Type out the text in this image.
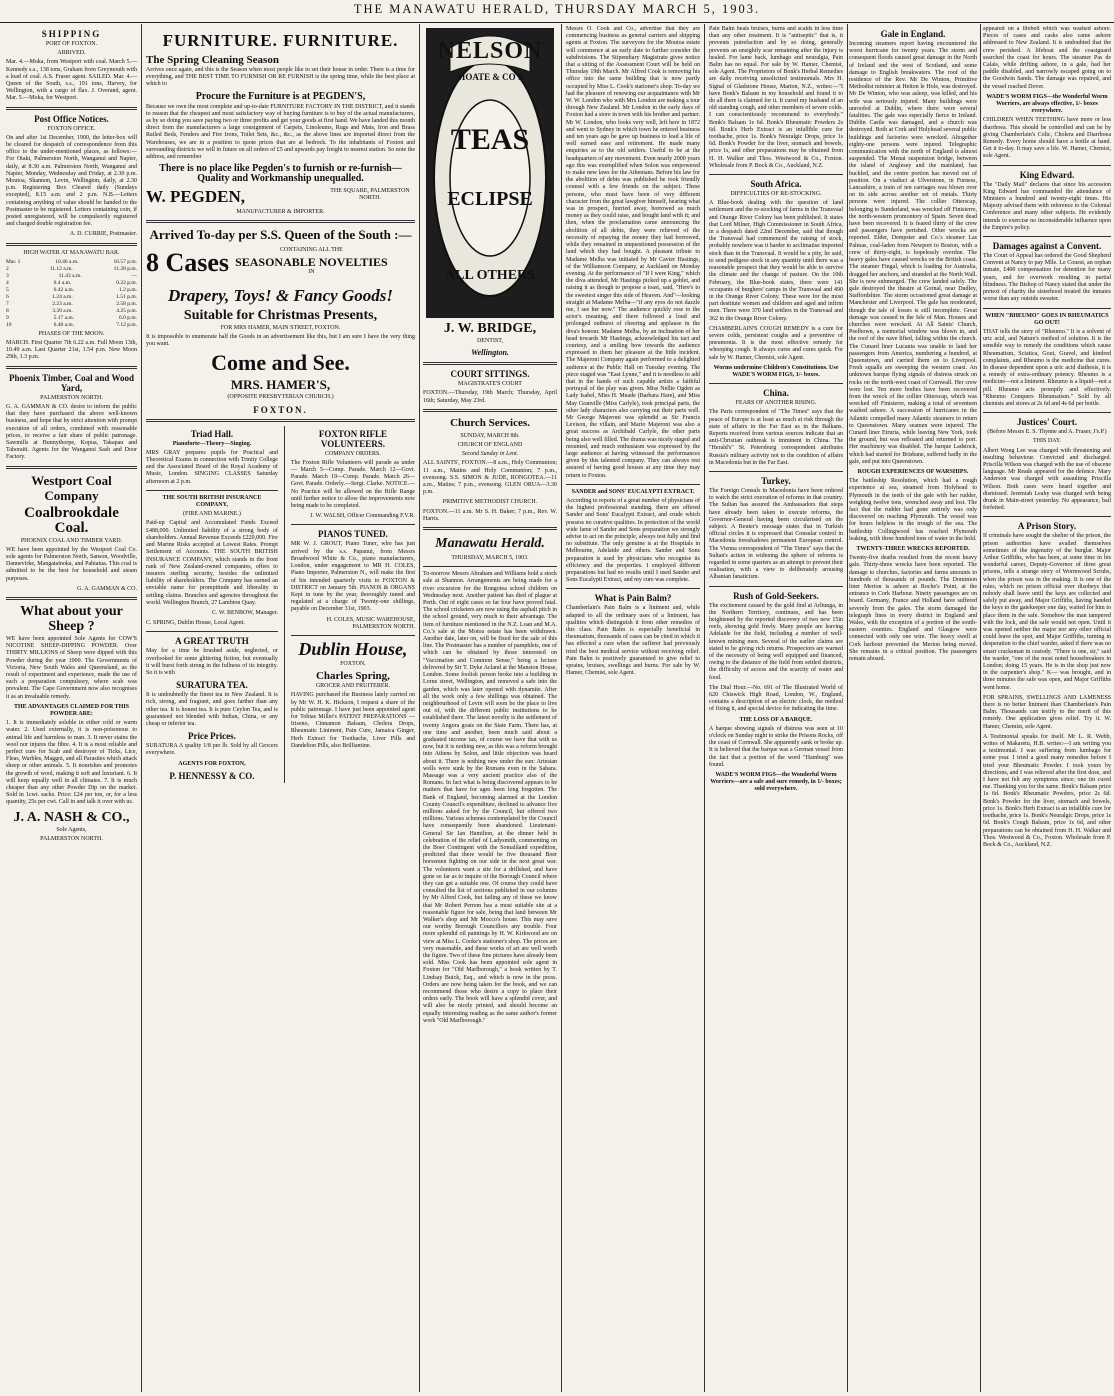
THE MANAWATU HERALD, THURSDAY MARCH 5, 1903.
SHIPPING
PORT OF FOXTON.
ARRIVED.

Mar. 4.—Moka, from Westport with coal. March 5.—Kennedy s.s., 138 tons, Graham from Greymouth with a load of coal. A.S. Fraser agent. SAILED. Mar. 4.—Queen of the South, s.s., 191 tons, Harvey, for Wellington, with a cargo of flax. J. Overand, agent. Mar. 5.—Moka, for Westport.

Post Office Notices.
FOXTON OFFICE.

On and after 1st December, 1900, the letter-box will be cleared for despatch of correspondence from this office to the under-mentioned places, as follows:— For Otaki, Palmerston North, Wanganui and Napier, daily, at 8.30 a.m. Palmerston North, Wanganui and Napier, Monday, Wednesday and Friday, at 2.30 p.m. Moutoa, Shannon, Levin, Wellington, daily, at 2.30 p.m. Registering Box Cleared daily (Sundays excepted), 8.15 a.m. and 2 p.m. N.B.—Letters containing anything of value should be handed to the Postmaster to be registered. Letters containing coin, if posted unregistered, will be compulsorily registered and charged double registration fee.

A. D. CURRIE, Postmaster.

HIGH WATER AT MANAWATU BAR.
Mar. 1	10.40 a.m.	10.57 p.m.
2	11.12 a.m.	11.28 p.m.
3	11.43 a.m.	—
4	0.4 a.m.	0.22 p.m.
5	0.42 a.m.	1.2 p.m.
6	1.24 a.m.	1.51 p.m.
7	2.23 a.m.	2.58 p.m.
8	3.39 a.m.	4.25 p.m.
9	5.17 a.m.	6.0 p.m.
10	6.40 a.m.	7.12 p.m.
PHASES OF THE MOON.

MARCH. First Quarter 7th 6.22 a.m. Full Moon 13th, 10.49 a.m. Last Quarter 21st, 1.54 p.m. New Moon 29th, 1.3 p.m.

Phoenix Timber, Coal and Wood Yard,
PALMERSTON NORTH.

G. A. GAMMAN & CO. desire to inform the public that they have purchased the above well-known business, and hope that by strict attention with prompt execution of all orders, combined with reasonable prices, to receive a fair share of public patronage. Sawmills at Bunnythorpe, Kopua, Takapau and Tahoraiti. Agents for the Wanganui Sash and Door Factory.

Westport Coal Company
Coalbrookdale Coal.
PHOENIX COAL AND TIMBER YARD.

WE have been appointed by the Westport Coal Co. sole agents for Palmerston North, Sanson, Woodville, Dannevirke, Mangatainoka, and Pahiatua. This coal is admitted to be the best for household and steam purposes.

G. A. GAMMAN & CO.

What about your Sheep ?

WE have been appointed Sole Agents for COW'S NICOTINE SHEEP-DIPPING POWDER. Over THIRTY MILLIONS of Sheep were dipped with this Powder during the year 1900. The Governments of Victoria, New South Wales and Queensland, as the result of experiment and experience, made the use of such a preparation compulsory, where scab was prevalent. The Cape Government now also recognises it as an invaluable remedy.

THE ADVANTAGES CLAIMED FOR THIS POWDER ARE:

1. It is immediately soluble in either cold or warm water. 2. Used externally, it is non-poisonous to animal life and harmless to man. 3. It never stains the wool nor injures the fibre. 4. It is a most reliable and perfect cure for Scab and destroyer of Ticks, Lice, Fleas, Warbles, Maggot, and all Parasites which attack sheep or other animals. 5. It nourishes and promotes the growth of wool, making it soft and luxuriant. 6. It will keep equally well in all climates. 7. It is much cheaper than any other Powder Dip on the market. Sold in 1cwt. sacks. Price: £24 per ton, or, for a less quantity, 25s per cwt. Call in and talk it over with us.

J. A. NASH & CO.,
Sole Agents,
PALMERSTON NORTH.
FURNITURE. FURNITURE.
The Spring Cleaning Season

Arrives once again, and this is the Season when most people like to set their house in order. There is a time for everything, and THE BEST TIME TO FURNISH OR RE FURNISH is the spring time, while the best place at which to

Procure the Furniture is at PEGDEN'S,

Because we own the most complete and up-to-date FURNITURE FACTORY IN THE DISTRICT, and it stands to reason that the cheapest and most satisfactory way of buying furniture is to buy of the actual manufacturers, as by so doing you save paying two or three profits and get your goods at first hand. We have landed this month direct from the manufacturers a large consignment of Carpets, Linoleums, Rugs and Mats, Iron and Brass Railed Beds, Fenders and Fire Irons, Toilet Sets, &c., &c., as the above lines are imported direct from the Warehouses, we are in a position to quote prices that are at bedrock. To the inhabitants of Foxton and surrounding districts we will in future on all orders of £5 and upwards pay freight to nearest station. So note the address, and remember

There is no place like Pegden's to furnish or re-furnish—Quality and Workmanship unequalled.
W. PEGDEN,	THE SQUARE, PALMERSTON NORTH.
MANUFACTURER & IMPORTER.
Arrived To-day per S.S. Queen of the South :—
8 Cases	CONTAINING ALL THE
SEASONABLE NOVELTIES
IN
Drapery, Toys! & Fancy Goods!
Suitable for Christmas Presents,
FOR MRS HAMER, MAIN STREET, FOXTON.

It is impossible to enumerate half the Goods in an advertisement like this, but I am sure I have the very thing you want.

Come and See.
MRS. HAMER'S,
(OPPOSITE PRESBYTERIAN CHURCH.)
FOXTON.
Triad Hall.
Pianoforte—Theory—Singing.

MRS GRAY prepares pupils for Practical and Theoretical Exams in connection with Trinity College and the Associated Board of the Royal Academy of Music, London. SINGING CLASSES Saturday afternoon at 2 p.m.

THE SOUTH BRITISH INSURANCE COMPANY,
(FIRE AND MARINE.)

Paid-up Capital and Accumulated Funds Exceed £488,000. Unlimited liability of a strong body of shareholders. Annual Revenue Exceeds £220,000. Fire and Marine Risks accepted at Lowest Rates. Prompt Settlement of Accounts. THE SOUTH BRITISH INSURANCE COMPANY, which stands in the front rank of New Zealand-owned companies, offers to insurers sterling security, besides the unlimited liability of shareholders. The Company has earned an enviable name for promptitude and liberality in settling claims. Branches and agencies throughout the world. Wellington Branch, 27 Lambton Quay.

C. W. BENBOW, Manager.

C. SPRING, Dublin House, Local Agent.

A GREAT TRUTH

May for a time be brushed aside, neglected, or overlooked for some glittering fiction, but eventually it will burst forth strong in the fullness of its integrity. So it is with

SURATURA TEA.

It is undoubtedly the finest tea in New Zealand. It is rich, strong, and fragrant, and goes farther than any other tea. It is honest tea. It is pure Ceylon Tea, and is guaranteed not blended with Indian, China, or any cheap or inferior tea.

Price Prices.

SURATURA A quality 1/8 per lb. Sold by all Grocers everywhere.

AGENTS FOR FOXTON,
P. HENNESSY & CO.
FOXTON RIFLE VOLUNTEERS.
COMPANY ORDERS.

The Foxton Rifle Volunteers will parade as under— March 5—Comp. Parade. March 12—Govt. Parade. March 19—Comp. Parade. March 26—Govt. Parade. Orderly.—Sergt. Clarke. NOTICE.—No Practice will be allowed on the Rifle Range until further notice to allow the improvements now being made to be completed.

J. W. WALSH, Officer Commanding F.V.R.

PIANOS TUNED.

MR W. J. GROUT, Piano Tuner, who has just arrived by the s.s. Papanui, from Messrs Broadwood White & Co., piano manufacturers, London, under engagement to MR H. COLES, Piano Importer, Palmerston N., will make the first of his intended quarterly visits to FOXTON & DISTRICT on January 5th. PIANOS & ORGANS Kept in tune by the year, thoroughly tuned and regulated at a charge of Twenty-one shillings, payable on December 31st, 1903.

H. COLES, MUSIC WAREHOUSE, PALMERSTON NORTH.

Dublin House,
FOXTON.
Charles Spring,
GROCER AND FRUITERER.

HAVING purchased the Business lately carried on by Mr W. H. K. Hickson, I request a share of the public patronage. I have just been appointed agent for Tobias Miller's PATENT PREPARATIONS — Iriseno, Cinnamon Balsam, Cholera Drops, Rheumatic Liniment, Pain Cure, Jamaica Ginger, Herb Extract for Toothache, Liver Pills and Dandelion Pills, also Brilliantine.

NELSON
MOATE & CO'S
TEAS
ECLIPSE
ALL OTHERS
J. W. BRIDGE,
DENTIST,
Wellington.
COURT SITTINGS.
MAGISTRATE'S COURT

FOXTON.—Thursday, 19th March; Thursday, April 16th; Saturday, May 23rd.

Church Services.
SUNDAY, MARCH 8th.
CHURCH OF ENGLAND
Second Sunday in Lent.

ALL SAINTS', FOXTON.—8 a.m., Holy Communion; 11 a.m., Matins and Holy Communion; 7 p.m., evensong. S.S. SIMON & JUDE, RONGOTEA.—11 a.m., Matins; 7 p.m., evensong. GLEN ORUA—3.30 p.m.

PRIMITIVE METHODIST CHURCH.

FOXTON.—11 a.m. Mr S. H. Baker; 7 p.m., Rev. W. Harris.

Manawatu Herald.
THURSDAY, MARCH 5, 1903.

To-morrow Messrs Abraham and Williams hold a stock sale at Shannon. Arrangements are being made for a river excursion for the Rongotea school children on Wednesday next. Another patient has died of plague at Perth. Out of eight cases so far four have proved fatal. The school cricketers are now using the asphalt pitch in the school ground, very much to their advantage. The item of furniture mentioned in the N.Z. Loan and M.A. Co.'s sale at the Motoa estate has been withdrawn. Another date, later on, will be fixed for the sale of this line. The Postmaster has a number of pamphlets, one of which can be obtained by those interested on "Vaccination and Common Sense," being a lecture delivered by Sir T. Dyke Acland at the Mansion House, London. Some foolish person broke into a building in Lorne street, Wellington, and removed a safe into the garden, which was later opened with dynamite. After all the work only a few shillings was obtained. The neighbourhood of Levin will soon be the place to live out of, with the different public institutions to be established there. The latest novelty is the settlement of twenty Angora goats on the State Farm. There has, at one time and another, been much said about a graduated income tax, of course we have that with us now, but it is nothing new, as this was a reform brought into Athens by Solon, and little objection was heard about it. There is nothing new under the sun: Artesian wells were sunk by the Romans even in the Sahara. Massage was a very ancient practice also of the Romans. In fact what is being discovered appears to be matters that have for ages been long forgotten. The Bank of England, becoming alarmed at the London County Council's expenditure, declined to advance five millions asked for by the Council, but offered two millions. Various schemes contemplated by the Council have consequently been abandoned. Lieutenant-General Sir Ian Hamilton, at the dinner held in celebration of the relief of Ladysmith, commenting on the Boer Contingent with the Somaliland expedition, predicted that there would be five thousand Boer horsemen fighting on our side in the next great war. The volunteers want a site for a drillshed, and have gone so far as to inquire of the Borough Council where they can get a suitable one. Of course they could have consulted the list of sections published in our columns by Mr Alfred Cook, but failing any of these we know that Mr Robert Perrem has a most suitable site at a reasonable figure for sale, being that land between Mr Walker's shop and Mr Mocco's house. This may save our worthy Borough Councillors any trouble. Four more splendid oil paintings by H. W. Kirkwood are on view at Miss L. Cooke's stationer's shop. The prices are very reasonable, and these works of art are well worth the figure. Two of these fine pictures have already been sold. Miss Cook has been appointed sole agent in Foxton for "Old Marlborough," a book written by T. Lindsay Buick, Esq., and which is now in the press. Orders are now being taken for the book, and we can recommend those who desire a copy to place their orders early. The book will have a splendid cover, and will also be nicely printed, and should become an equally interesting reading as the same author's former work "Old Marlborough."

Messrs O. Cook and Co., advertise that they are commencing business as general carriers and shipping agents at Foxton. The surveyors for the Moutoa estate will commence at an early date to further consider the subdivisions. The Stipendiary Magistrate gives notice that a sitting of the Assessment Court will be held on Thursday 19th March. Mr Alfred Cook is removing his office into the same building that is now partly occupied by Miss L. Cook's stationer's shop. To-day we had the pleasure of renewing our acquaintance with Mr W. W. London who with Mrs London are making a tour through New Zealand. Mr London in the early days of Foxton had a store in town with his brother and partner. Mr W. London, who looks very well, left here in 1872 and went to Sydney in which town he entered business and ten years ago he gave up business to lead a life of well earned ease and retirement. He made many enquiries as to the old settlers. Useful to be at the headquarters of any movement. Even nearly 2000 years ago this was exemplified when Solon was empowered to make new laws for the Athenians. Before his law for the abolition of debts was published he took friendly counsel with a few friends on the subject. These persons, who must have been of very different character from the great lawgiver himself, hearing what was in prospect, hurried away, borrowed as much money as they could raise, and bought land with it; and then, when the proclamation came announcing the abolition of all debts, they were relieved of the necessity of repaying the money they had borrowed, while they remained in unquestioned possession of the land which they had bought. A pleasant tribute to Madame Melba was initiated by Mr Cavier Hastings, of the Williamson Company, at Auckland on Monday evening. At the performance of "If I were King," which the diva attended, Mr Hastings picked up a goblet, and raising it as though to propose a toast, said, "Here's to the sweetest singer this side of Heaven. And"—looking straight at Madame Melba—"if any eyes do not dazzle me, I see her now." The audience quickly rose to the actor's meaning, and there followed a loud and prolonged outburst of cheering and applause in the diva's honour. Madame Melba, by an inclination of her head towards Mr Hastings, acknowledged his tact and courtesy, and a smiling bow towards the audience expressed to them her pleasure at the little incident. The Majeroni Company again performed to a delighted audience at the Public Hall on Tuesday evening. The piece staged was "East Lynne," and it is needless to add that in the hands of such capable artists a faithful portrayal of the play was given. Miss Nellie Ogden as Lady Isabel, Miss H. Meade (Barbara Hare), and Miss May Granville (Miss Carlyle), took principal parts, the other lady characters also carrying out their parts well. Mr George Majeroni was splendid as Sir Francis Levison, the villain, and Mario Majeroni was also a great success as Archibald Carlyle, the other parts being also well filled. The drama was nicely staged and mounted, and much enthusiasm was expressed by the large audience at having witnessed the performances given by this talented company. They can always rest assured of having good houses at any time they may return to Foxton.

SANDER and SONS' EUCALYPTI EXTRACT.

According to reports of a great number of physicians of the highest professional standing, there are offered Sander and Sons' Eucalypti Extract, and crude which possess no curative qualities. In protection of the world wide fame of Sander and Sons preparation we strongly advise to act on the principle, always test fully and find no substitute. The only genuine is at the Hospitals in Melbourne, Adelaide and others. Sander and Sons preparation is used by physicians who recognise its efficiency and the properties. I employed different preparations but had no results until I used Sander and Sons Eucalypti Extract, and my cure was complete.

What is Pain Balm?

Chamberlain's Pain Balm is a liniment and, while adapted to all the ordinary uses of a liniment, has qualities which distinguish it from other remedies of this class. Pain Balm is especially beneficial in rheumatism, thousands of cases can be cited in which it has effected a cure when the sufferer had previously tried the best medical service without receiving relief. Pain Balm is positively guaranteed to give relief to sprains, bruises, swellings and burns. For sale by W. Hamer, Chemist, sole Agent.

Pain Balm heals bruises, burns and scalds in less time than any other treatment. It is "antiseptic" that is, it prevents putrefaction and by so doing, generally prevents an unsightly scar remaining after the injury is healed. For lame back, lumbago and neuralgia, Pain Balm has no equal. For sale by W. Hamer, Chemist, sole Agent. The Proprietors of Bonk's Herbal Remedies are daily receiving unsolicited testimonials. Mrs H. Signal of Gladstone House, Marton, N.Z., writes:—"I have Bonk's Balsam in my household and found it to do all there is claimed for it. It cured my husband of an old standing cough, and other members of severe colds. I can conscientiously recommend to everybody." Bonk's Balsam 1s 6d. Bonk's Rheumatic Powders 2s 6d. Bonk's Herb Extract is an infallible cure for toothache, price 1s. Bonk's Neuralgic Drops, price 1s 6d. Bonk's Powder for the liver, stomach and bowels, price 1s, and other preparations may be obtained from H. H. Walker and Thos. Westwood & Co., Foxton. Wholesale from P. Bock & Co., Auckland, N.Z.

South Africa.
DIFFICULTIES OF RE-STOCKING.

A Blue-book dealing with the question of land settlement and the re-stocking of farms in the Transvaal and Orange River Colony has been published. It states that Lord Milner, High Commissioner in South Africa, in a despatch dated 22nd December, said that though the Transvaal had commenced the raising of stock, probably nowhere was it harder to acclimatise imported stock than in the Transvaal. It would be a pity, he said, to send pedigree stock in any quantity until there was a reasonable prospect that they would be able to survive the climate and the change of pasture. On the 10th February, the Blue-book states, there were 141 occupants of burghers' camps in the Transvaal and 490 in the Orange River Colony. These were for the most part destitute women and children and aged and infirm men. There were 370 land settlers in the Transvaal and 362 in the Orange River Colony.

CHAMBERLAIN'S COUGH REMEDY is a cure for severe colds, persistent coughs and a preventive of pneumonia. It is the most effective remedy for whooping cough. It always cures and cures quick. For sale by W. Hamer, Chemist, sole Agent.

Worms undermine Children's Constitutions. Use WADE'S WORM FIGS, 1/- boxes.
China.
FEARS OF ANOTHER RISING.

The Paris correspondent of "The Times" says that the peace of Europe is at least as much at risk through the state of affairs in the Far East as in the Balkans. Reports received from various sources indicate that an anti-Christian outbreak is imminent in China. The "Herald's" St. Petersburg correspondent attributes Russia's military activity not to the condition of affairs in Macedonia but in the Far East.

Turkey.

The Foreign Consuls in Macedonia have been ordered to watch the strict execution of reforms in that country. The Sultan has assured the Ambassadors that steps have already been taken to execute reforms, the Governor-General having been circularised on the subject. A Reuter's message states that in Turkish official circles it is expressed that Consular control in Macedonia foreshadows permanent European control. The Vienna correspondent of "The Times" says that the Sultan's action in widening the sphere of reforms is regarded in some quarters as an attempt to prevent their realisation, with a view to deliberately arousing Albanian fanaticism.

Rush of Gold-Seekers.

The excitement caused by the gold find at Arltunga, in the Northern Territory, continues, and has been heightened by the reported discovery of two new 15in reefs, showing gold freely. Many people are leaving Adelaide for the field, including a number of well-known mining men. Several of the earlier claims are stated to be giving rich returns. Prospectors are warned of the necessity of being well equipped and financed, owing to the distance of the field from settled districts, the difficulty of access and the scarcity of water and food.

The Dial Hour.—No. 691 of The Illustrated World of 620 Chiswick High Road, London, W., England, contains a description of an electric clock, the method of fixing it, and special device for indicating the time.

THE LOSS OF A BARQUE.

A barque showing signals of distress was seen at 10 o'clock on Sunday night to strike the Prisons Rocks, off the coast of Cornwall. She apparently sank or broke up. It is believed that the barque was a German vessel from the fact that a portion of the word "Hamburg" was found.

WADE'S WORM FIGS—the Wonderful Worm Worriers—are a safe and sure remedy, in 1/- boxes; sold everywhere.
Gale in England.

Incoming steamers report having encountered the worst hurricane for twenty years. The storm and consequent floods caused great damage in the North of Ireland and the west of Scotland, and some damage to English breakwaters. The roof of the residence of the Rev. Mr De Winton, Primitive Methodist minister at Hetton le Hole, was destroyed. Mr De Winton, who was asleep, was killed, and his wife was seriously injured. Many buildings were unroofed at Dublin, where there were several fatalities. The gale was especially fierce in Ireland. Dublin Castle was damaged, and a church was destroyed. Both at Cork and Holyhead several public buildings and factories were wrecked. Altogether eighty-one persons were injured. Telegraphic communication with the north of England is almost suspended. The Menai suspension bridge, between the island of Anglesey and the mainland, has buckled, and the centre portion has moved out of position. On a viaduct at Ulverstone, in Furness, Lancashire, a train of ten carriages was blown over on its side across another set of metals. Thirty persons were injured. The collier Otterscap, belonging to Sunderland, was wrecked off Finisterre, the north-western promontory of Spain. Seven dead have been recovered. It is feared thirty of the crew and passengers have perished. Other wrecks are reported. Elder, Dempster and Co.'s steamer Las Palmas, coal-laden from Newport to Boston, with a crew of thirty-eight, is hopelessly overdue. The heavy gales have caused wrecks on the British coast. The steamer Fingal, which is loading for Australia, dragged her anchors, and stranded at the North Wall. She is now submerged. The crew landed safely. The gale destroyed the theatre at Gornal, near Dudley, Staffordshire. The storm occasioned great damage at Manchester and Liverpool. The gale has moderated, though the tale of losses is still incomplete. Great damage was caused in the Isle of Man. Houses and churches were wrecked. At All Saints' Church, Peelbown, a memorial window was blown in, and the roof of the nave lifted, falling within the church. The Cunard liner Lucania was unable to land her passengers from America, numbering a hundred, at Queenstown, and carried them on to Liverpool. Fresh squalls are sweeping the western coast. An unknown barque flying signals of distress struck on rocks on the north-west coast of Cornwall. Her crew were lost. Ten more bodies have been recovered from the wreck of the collier Otterscap, which was wrecked off Finisterre, making a total of seventeen washed ashore. A succession of hurricanes in the Atlantic compelled many Atlantic steamers to return to Queenstown. Many seamen were injured. The Cunard liner Etruria, while leaving New York, took the ground, but was refloated and returned to port. Her machinery was disabled. The barque Ladstock, which had started for Brisbane, suffered badly in the gale, and put into Queenstown.

ROUGH EXPERIENCES OF WARSHIPS.

The battleship Resolution, which had a rough experience at sea, steamed from Holyhead to Plymouth in the teeth of the gale with her rudder, weighing twelve tons, wrenched away and lost. The fact that the rudder had gone entirely was only discovered on reaching Plymouth. The vessel was for hours helpless in the trough of the sea. The battleship Collingwood has reached Plymouth leaking, with three hundred tons of water in the hold.

TWENTY-THREE WRECKS REPORTED.

Twenty-five deaths resulted from the recent heavy gale. Thirty-three wrecks have been reported. The damage to churches, factories and farms amounts to hundreds of thousands of pounds. The Dominion liner Merion is ashore at Roche's Point, at the entrance to Cork Harbour. Ninety passengers are on board. Germany, France and Holland have suffered severely from the gales. The storm damaged the telegraph lines in every district in England and Wales, with the exception of a portion of the south-eastern counties. England and Glasgow were connected with only one wire. The heavy swell at Cork harbour prevented the Merion being moved. She remains in a critical position. The passengers remain aboard.

appeared on a lifebelt which was washed ashore. Pieces of cases and casks also came ashore addressed to New Zealand. It is undoubted that the crew perished. A lifeboat and the coastguard searched the coast for hours. The steamer Pas de Calais, while drifting ashore, in a gale, had her paddle disabled, and narrowly escaped going on to the Goodwin Sands. The damage was repaired, and the vessel reached Dover.

WADE'S WORM FIGS—the Wonderful Worm Worriers, are always effective, 1/- boxes everywhere.

CHILDREN WHEN TEETHING have more or less diarrhoea. This should be controlled and can be by giving Chamberlain's Colic, Cholera and Diarrhoea Remedy. Every home should have a bottle at hand. Get it to-day. It may save a life. W. Hamer, Chemist, sole Agent.

King Edward.

The "Daily Mail" declares that since his accession King Edward has commanded the attendance of Ministers a hundred and twenty-eight times. His Majesty advised them with reference to the Colonial Conference and many other subjects. He evidently intends to exercise no inconsiderable influence upon the Empire's policy.

Damages against a Convent.

The Court of Appeal has ordered the Good Shepherd Convent at Nancy to pay Mlle. Le Couest, an orphan inmate, £400 compensation for detention for many years, and for overwork resulting in partial blindness. The Bishop of Nancy stated that under the pretext of charity the sisterhood treated the inmates worse than any outside sweater.

WHEN "BHEUMO" GOES IN RHEUMATICS GO OUT!

THAT tells the story of "Rheumo." It is a solvent of uric acid, and Nature's method of solution. It is the sensible way to remedy the conditions which cause Rheumatism, Sciatica, Gout, Gravel, and kindred complaints, and Rheumo is the medicine that cures. In disease dependent upon a uric acid diathesis, it is a remedy of extra-ordinary potency. Rheumo is a medicine—not a liniment. Rheumo is a liquid—not a pill. Rheumo acts promptly and effectively. "Rheumo Conquers Rheumatism." Sold by all chemists and stores at 2s 6d and 4s 6d per bottle.

Justices' Court.
(Before Messrs E. S. Thynne and A. Fraser, J's.P.)
THIS DAY.

Albert Wong Lee was charged with threatening and insulting behaviour. Convicted and discharged. Priscilla Wilson was charged with the use of obscene language. Mr Reade appeared for the defence. Mary Anderson was charged with assaulting Priscilla Wilson. Both cases were heard together and dismissed. Jeremiah Leahy was charged with being drunk in Main-street yesterday. No appearance, bail forfeited.

A Prison Story.

If criminals have sought the shelter of the prison, the prison authorities have availed themselves sometimes of the ingenuity of the burglar. Major Arthur Griffiths, who has been, at some time in his wonderful career, Deputy-Governor of three great prisons, tells a strange story of Wormwood Scrubs, when the prison was in the making. It is one of the rules, which no prison official ever disobeys that nobody shall leave until the keys are collected and safely put away, and Major Griffiths, having handed the keys to the gatekeeper one day, waited for him to place them in the safe. Somehow the man tampered with the lock, and the safe would not open. Until it was opened neither the major nor any other official could leave the spot, and Major Griffiths, turning in desperation to the chief warder, asked if there was no smart cracksman in custody. "There is one, sir," said the warder, "one of the most noted housebreakers in London; doing 15 years. He is in the shop just now in the carpenter's shop." K— was brought, and in three minutes the safe was open, and Major Griffiths went home.

FOR SPRAINS, SWELLINGS AND LAMENESS there is no better liniment than Chamberlain's Pain Balm. Thousands can testify to the merit of this remedy. One application gives relief. Try it. W. Hamer, Chemist, sole Agent.

A Testimonial speaks for itself. Mr L. R. Webb, writes of Makaretu, H.B. writes:—I am writing you a testimonial. I was suffering from lumbago for some year. I tried a good many remedies before I tried your Bheumatic Powder. I took yours by directions, and I was relieved after the first dose, and I have not felt any symptoms since; one tin cured me. Thanking you for the same. Bonk's Balsam price 1s 6d. Bonk's Rheumatic Powders, price 2s 6d. Bonk's Powder for the liver, stomach and bowels, price 1s. Bonk's Herb Extract is an infallible cure for toothache, price 1s. Bonk's Neuralgic Drops, price 1s 6d. Bonk's Cough Balsam, price 1s 6d, and other preparations can be obtained from H. H. Walker and Thos. Westwood & Co., Foxton. Wholesale from P. Bock & Co., Auckland, N.Z.
